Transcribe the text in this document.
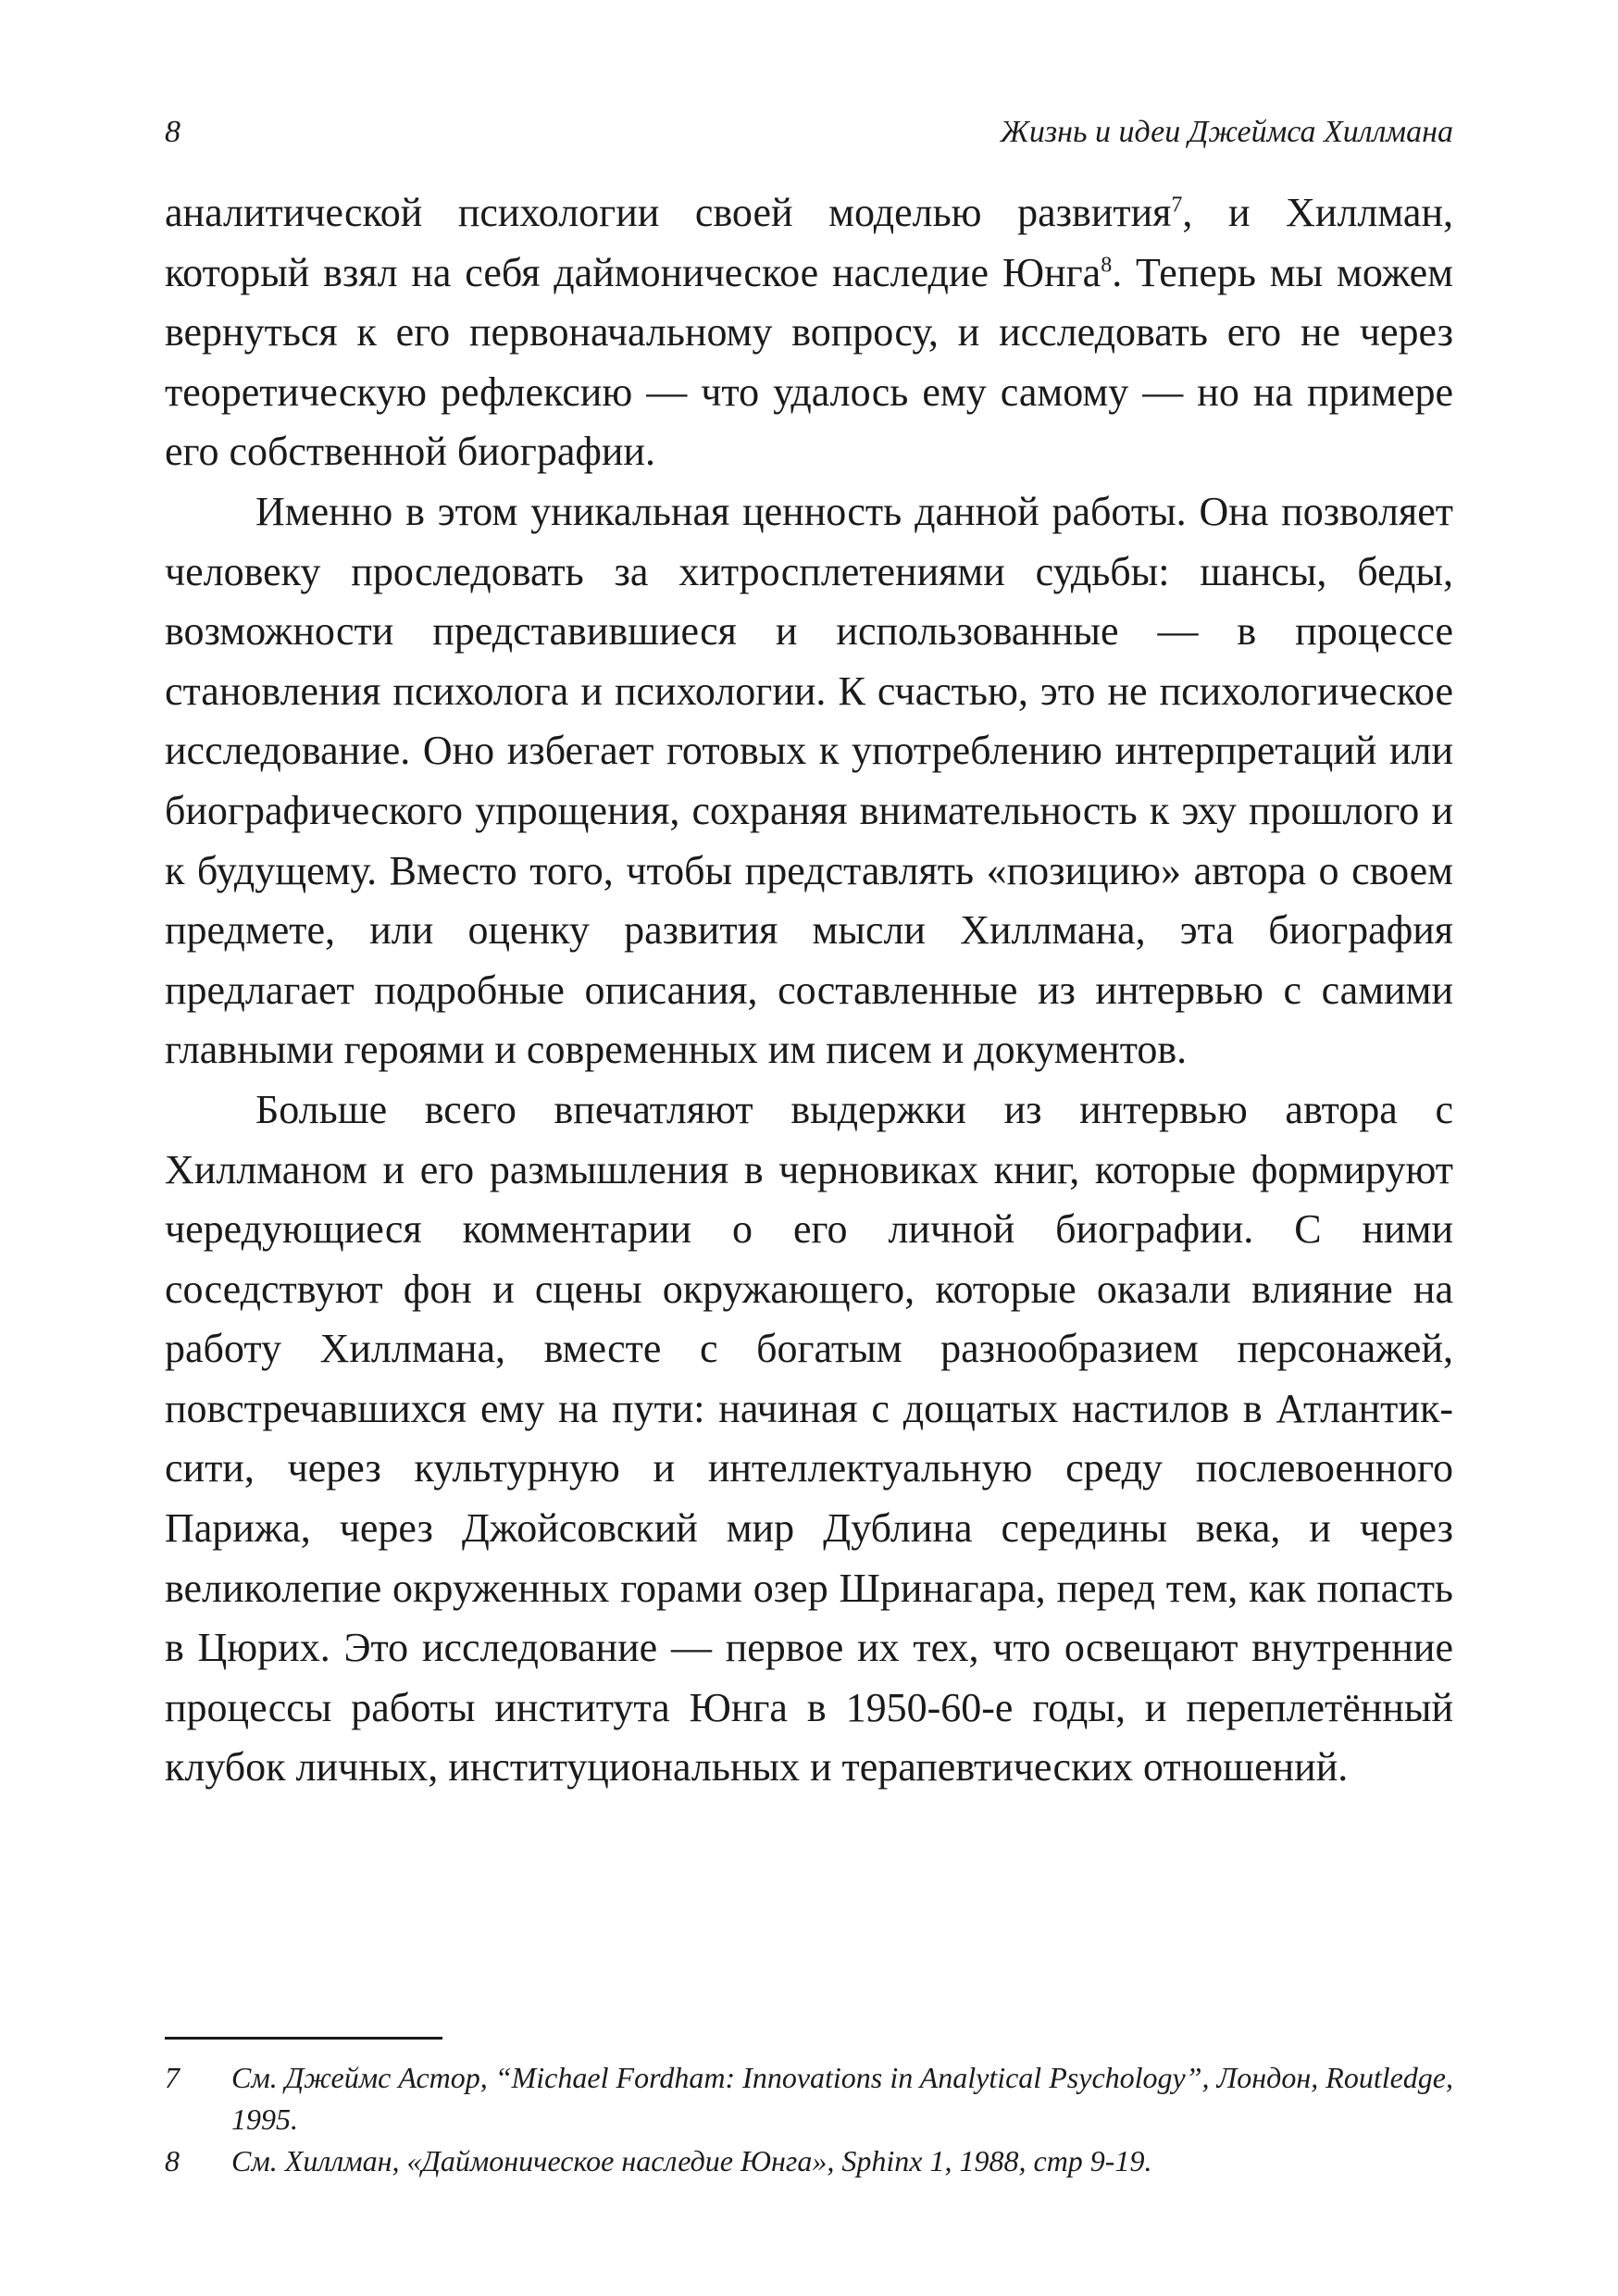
8	Жизнь и идеи Джеймса Хиллмана

аналитической психологии своей моделью развития$^7$, и Хиллман, который взял на себя даймоническое наследие Юнга$^8$. Теперь мы можем вернуться к его первоначальному вопросу, и исследовать его не через теоретическую рефлексию — что удалось ему самому — но на примере его собственной биографии.

Именно в этом уникальная ценность данной работы. Она позволяет человеку проследовать за хитросплетениями судьбы: шансы, беды, возможности представившиеся и использованные — в процессе становления психолога и психологии. К счастью, это не психологическое исследование. Оно избегает готовых к употреблению интерпретаций или биографического упрощения, сохраняя внимательность к эху прошлого и к будущему. Вместо того, чтобы представлять «позицию» автора о своем предмете, или оценку развития мысли Хиллмана, эта биография предлагает подробные описания, составленные из интервью с самими главными героями и современных им писем и документов.

Больше всего впечатляют выдержки из интервью автора с Хиллманом и его размышления в черновиках книг, которые формируют чередующиеся комментарии о его личной биографии. С ними соседствуют фон и сцены окружающего, которые оказали влияние на работу Хиллмана, вместе с богатым разнообразием персонажей, повстречавшихся ему на пути: начиная с дощатых настилов в Атлантик-сити, через культурную и интеллектуальную среду послевоенного Парижа, через Джойсовский мир Дублина середины века, и через великолепие окруженных горами озер Шринагара, перед тем, как попасть в Цюрих. Это исследование — первое их тех, что освещают внутренние процессы работы института Юнга в 1950-60-е годы, и переплетённый клубок личных, институциональных и терапевтических отношений.

7 См. Джеймс Астор, “Michael Fordham: Innovations in Analytical Psychology”, Лондон, Routledge, 1995.
8 См. Хиллман, «Даймоническое наследие Юнга», Sphinx 1, 1988, стр 9-19.
